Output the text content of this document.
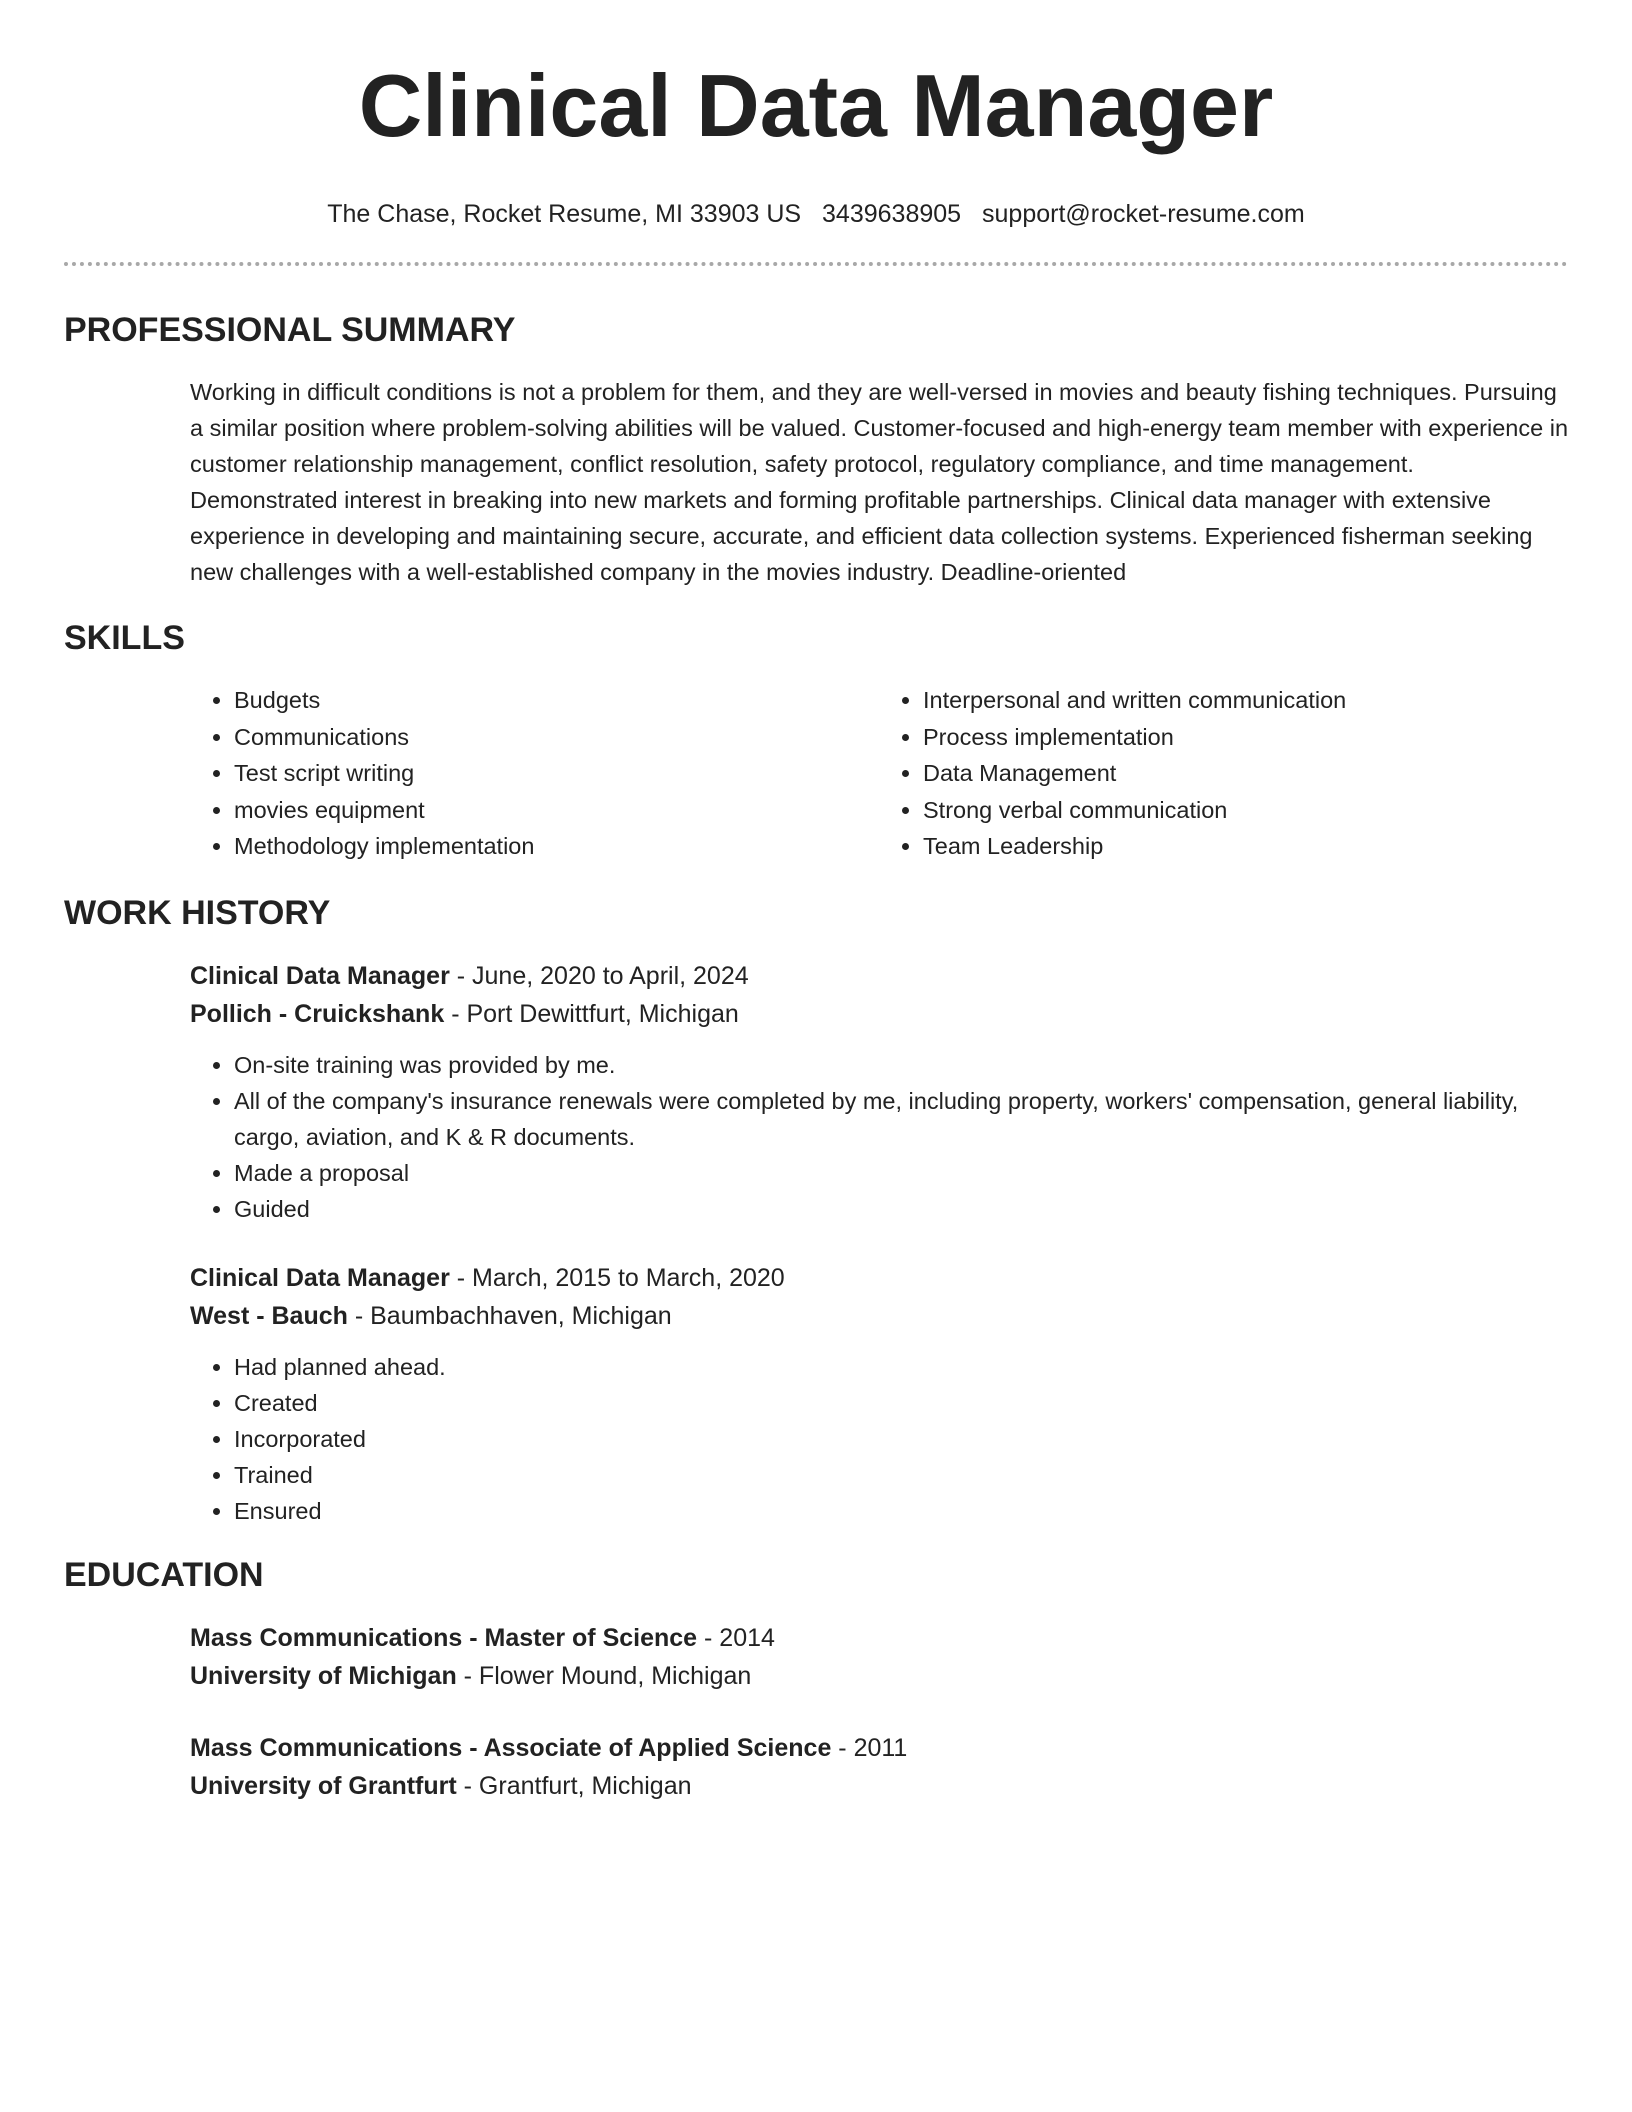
Clinical Data Manager
The Chase, Rocket Resume, MI 33903 US 3439638905 support@rocket-resume.com
PROFESSIONAL SUMMARY
Working in difficult conditions is not a problem for them, and they are well-versed in movies and beauty fishing techniques. Pursuing a similar position where problem-solving abilities will be valued. Customer-focused and high-energy team member with experience in customer relationship management, conflict resolution, safety protocol, regulatory compliance, and time management. Demonstrated interest in breaking into new markets and forming profitable partnerships. Clinical data manager with extensive experience in developing and maintaining secure, accurate, and efficient data collection systems. Experienced fisherman seeking new challenges with a well-established company in the movies industry. Deadline-oriented
SKILLS
• Budgets
• Communications
• Test script writing
• movies equipment
• Methodology implementation
• Interpersonal and written communication
• Process implementation
• Data Management
• Strong verbal communication
• Team Leadership
WORK HISTORY
Clinical Data Manager - June, 2020 to April, 2024
Pollich - Cruickshank - Port Dewittfurt, Michigan
• On-site training was provided by me.
• All of the company's insurance renewals were completed by me, including property, workers' compensation, general liability, cargo, aviation, and K & R documents.
• Made a proposal
• Guided
Clinical Data Manager - March, 2015 to March, 2020
West - Bauch - Baumbachhaven, Michigan
• Had planned ahead.
• Created
• Incorporated
• Trained
• Ensured
EDUCATION
Mass Communications - Master of Science - 2014
University of Michigan - Flower Mound, Michigan
Mass Communications - Associate of Applied Science - 2011
University of Grantfurt - Grantfurt, Michigan
